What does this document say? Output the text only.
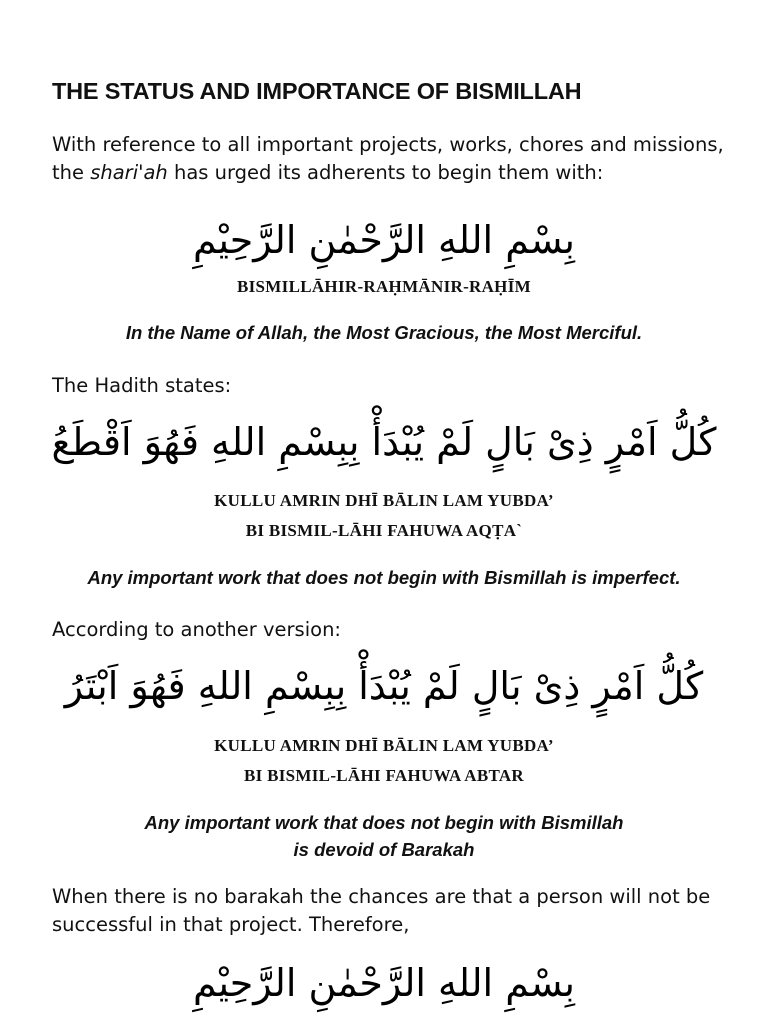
THE STATUS AND IMPORTANCE OF BISMILLAH
With reference to all important projects, works, chores and missions,
the shari'ah has urged its adherents to begin them with:
بِسْمِ اللهِ الرَّحْمٰنِ الرَّحِيْمِ
BISMILLĀHIR-RAḤMĀNIR-RAḤĪM
In the Name of Allah, the Most Gracious, the Most Merciful.
The Hadith states:
كُلُّ اَمْرٍ ذِىْ بَالٍ لَمْ يُبْدَأْ بِبِسْمِ اللهِ فَهُوَ اَقْطَعُ
KULLU AMRIN DHĪ BĀLIN LAM YUBDA’
BI BISMIL-LĀHI FAHUWA AQṬA`
Any important work that does not begin with Bismillah is imperfect.
According to another version:
كُلُّ اَمْرٍ ذِىْ بَالٍ لَمْ يُبْدَأْ بِبِسْمِ اللهِ فَهُوَ اَبْتَرُ
KULLU AMRIN DHĪ BĀLIN LAM YUBDA’
BI BISMIL-LĀHI FAHUWA ABTAR
Any important work that does not begin with Bismillah
is devoid of Barakah
When there is no barakah the chances are that a person will not be
successful in that project. Therefore,
بِسْمِ اللهِ الرَّحْمٰنِ الرَّحِيْمِ
